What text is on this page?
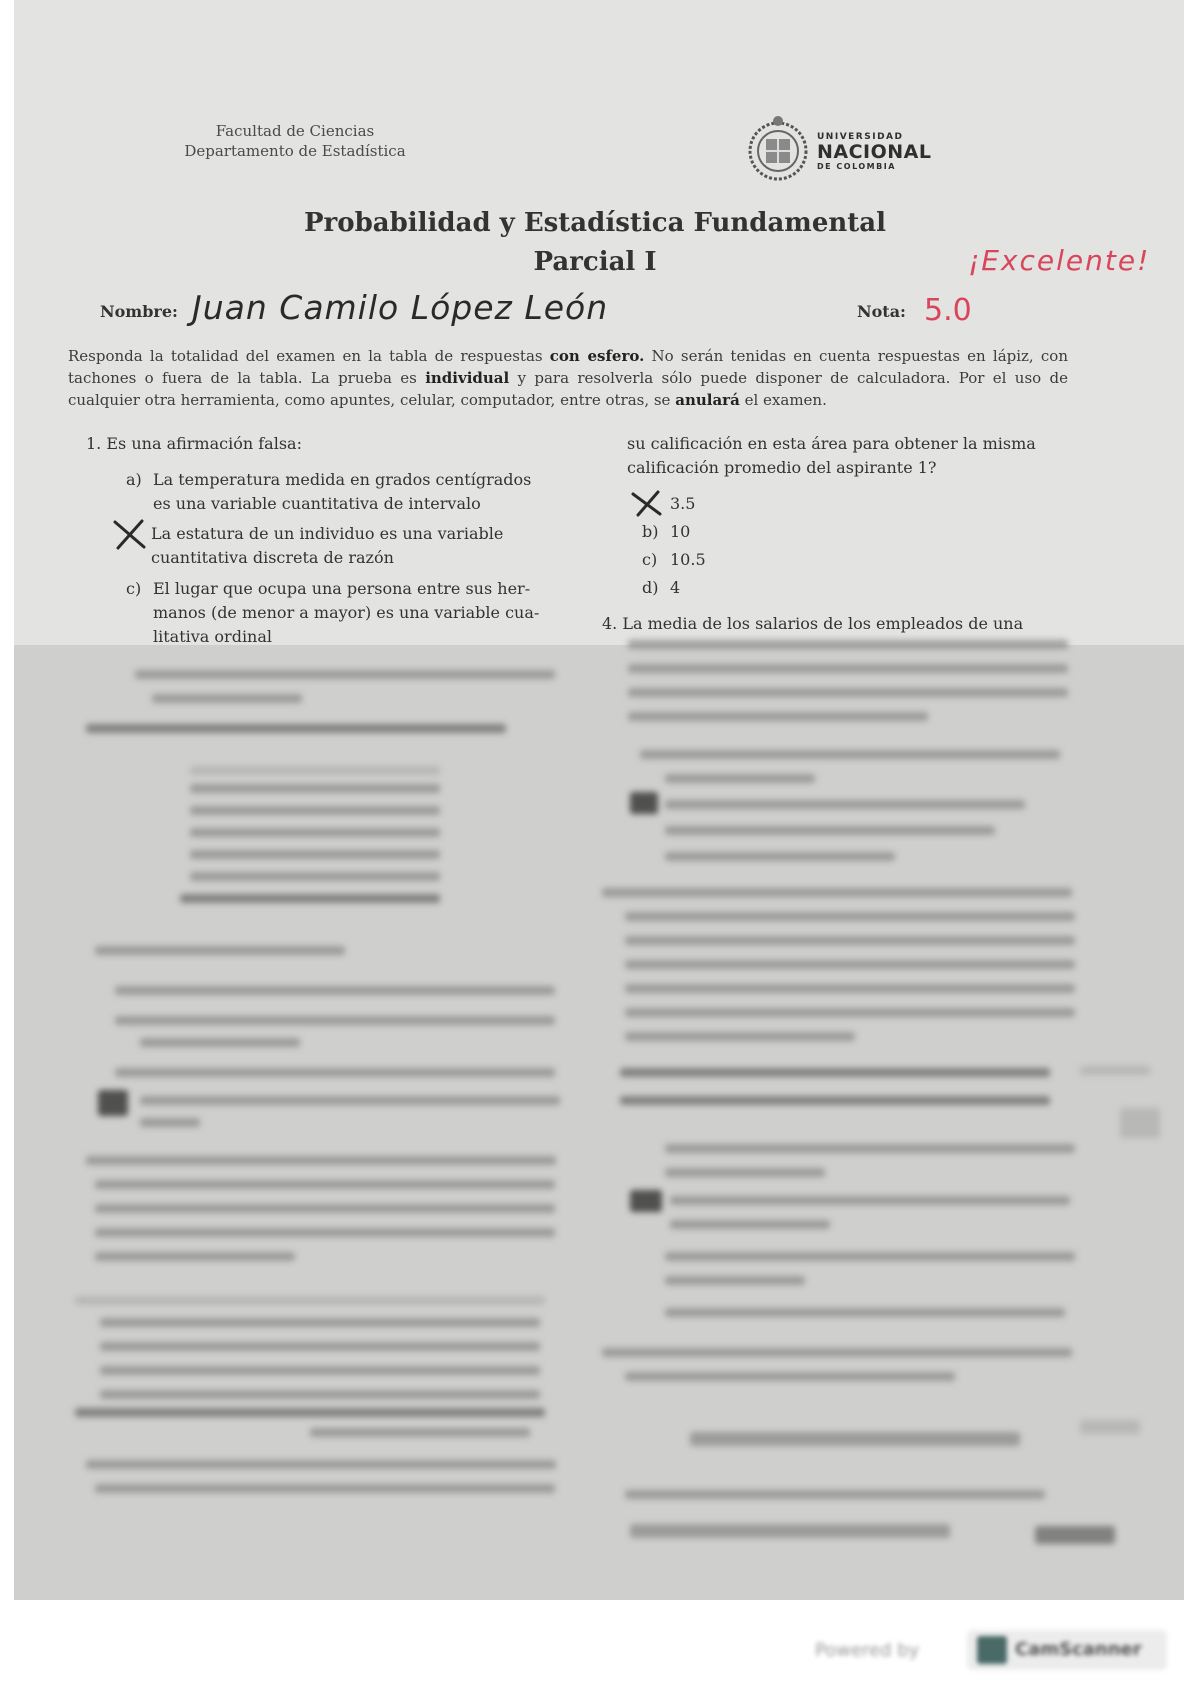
Facultad de Ciencias
Departamento de Estadística
UNIVERSIDAD
NACIONAL
DE COLOMBIA
Probabilidad y Estadística Fundamental
Parcial I	¡Excelente!
Nombre: Juan Camilo López León	Nota: 5.0
Responda la totalidad del examen en la tabla de respuestas con esfero. No serán tenidas en cuenta respuestas en lápiz, con tachones o fuera de la tabla. La prueba es individual y para resolverla sólo puede disponer de calculadora. Por el uso de cualquier otra herramienta, como apuntes, celular, computador, entre otras, se anulará el examen.
1. Es una afirmación falsa:
a) La temperatura medida en grados centígrados
es una variable cuantitativa de intervalo
La estatura de un individuo es una variable
cuantitativa discreta de razón
c) El lugar que ocupa una persona entre sus her-
manos (de menor a mayor) es una variable cua-
litativa ordinal
su calificación en esta área para obtener la misma
calificación promedio del aspirante 1?
3.5
b) 10
c) 10.5
d) 4
4. La media de los salarios de los empleados de una
Powered by	CamScanner
